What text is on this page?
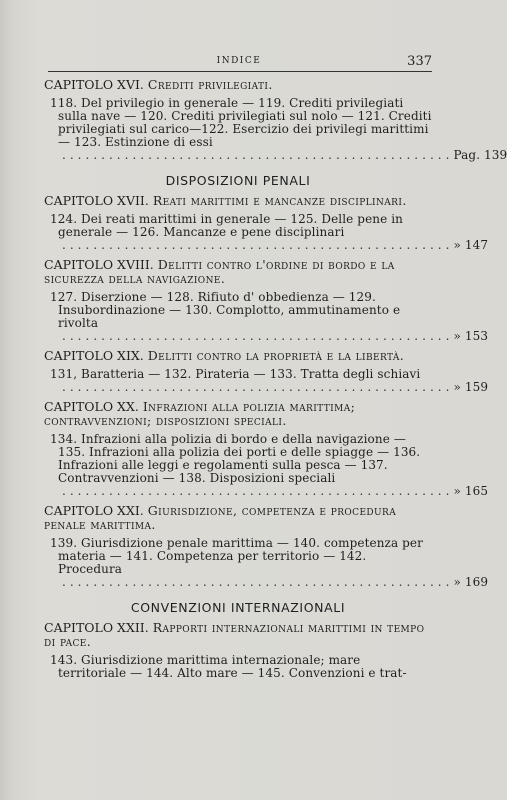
INDICE	337
CAPITOLO XVI. Crediti privilegiati.
118. Del privilegio in generale — 119. Crediti privilegiati sulla nave — 120. Crediti privilegiati sul nolo — 121. Crediti privilegiati sul carico—122. Esercizio dei privilegi marittimi — 123. Estinzione di essi
. . . . . . . . . . . . . . . . . . . . . . . . . . . . . . . . . . . . . . . . . . . . . . . . . . Pag. 139
DISPOSIZIONI PENALI
CAPITOLO XVII. Reati marittimi e mancanze disciplinari.
124. Dei reati marittimi in generale — 125. Delle pene in generale — 126. Mancanze e pene disciplinari
. . . . . . . . . . . . . . . . . . . . . . . . . . . . . . . . . . . . . . . . . . . . . . . . . . » 147
CAPITOLO XVIII. Delitti contro l'ordine di bordo e la sicurezza della navigazione.
127. Diserzione — 128. Rifiuto d' obbedienza — 129. Insubordinazione — 130. Complotto, ammutinamento e rivolta
. . . . . . . . . . . . . . . . . . . . . . . . . . . . . . . . . . . . . . . . . . . . . . . . . . » 153
CAPITOLO XIX. Delitti contro la proprietà e la libertà.
131, Baratteria — 132. Pirateria — 133. Tratta degli schiavi
. . . . . . . . . . . . . . . . . . . . . . . . . . . . . . . . . . . . . . . . . . . . . . . . . . » 159
CAPITOLO XX. Infrazioni alla polizia marittima; contravvenzioni; disposizioni speciali.
134. Infrazioni alla polizia di bordo e della navigazione — 135. Infrazioni alla polizia dei porti e delle spiagge — 136. Infrazioni alle leggi e regolamenti sulla pesca — 137. Contravvenzioni — 138. Disposizioni speciali
. . . . . . . . . . . . . . . . . . . . . . . . . . . . . . . . . . . . . . . . . . . . . . . . . . » 165
CAPITOLO XXI. Giurisdizione, competenza e procedura penale marittima.
139. Giurisdizione penale marittima — 140. competenza per materia — 141. Competenza per territorio — 142. Procedura
. . . . . . . . . . . . . . . . . . . . . . . . . . . . . . . . . . . . . . . . . . . . . . . . . . » 169
CONVENZIONI INTERNAZIONALI
CAPITOLO XXII. Rapporti internazionali marittimi in tempo di pace.
143. Giurisdizione marittima internazionale; mare territoriale — 144. Alto mare — 145. Convenzioni e trat-
